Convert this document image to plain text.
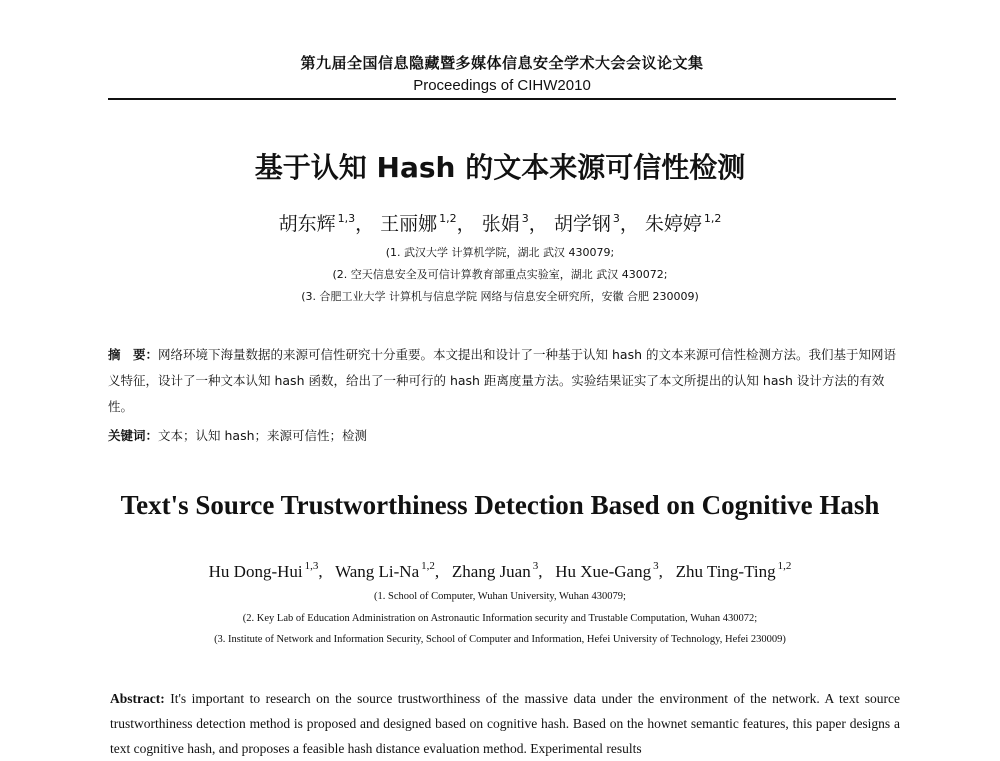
第九届全国信息隐藏暨多媒体信息安全学术大会会议论文集
Proceedings of CIHW2010
基于认知 Hash 的文本来源可信性检测
胡东辉 $^{1,3}$， 王丽娜 $^{1,2}$， 张娟 $^3$， 胡学钢 $^3$， 朱婷婷 $^{1,2}$
(1. 武汉大学 计算机学院，湖北 武汉 430079;
(2. 空天信息安全及可信计算教育部重点实验室，湖北 武汉 430072;
(3. 合肥工业大学 计算机与信息学院 网络与信息安全研究所，安徽 合肥 230009)
摘　要：网络环境下海量数据的来源可信性研究十分重要。本文提出和设计了一种基于认知 hash 的文本来源可信性检测方法。我们基于知网语义特征，设计了一种文本认知 hash 函数，给出了一种可行的 hash 距离度量方法。实验结果证实了本文所提出的认知 hash 设计方法的有效性。
关键词：文本；认知 hash；来源可信性；检测
Text's Source Trustworthiness Detection Based on Cognitive Hash
Hu Dong-Hui $^{1,3}$,   Wang Li-Na $^{1,2}$,   Zhang Juan $^3$,   Hu Xue-Gang $^3$,   Zhu Ting-Ting $^{1,2}$
(1. School of Computer, Wuhan University, Wuhan 430079;
(2. Key Lab of Education Administration on Astronautic Information security and Trustable Computation, Wuhan 430072;
(3. Institute of Network and Information Security, School of Computer and Information, Hefei University of Technology, Hefei 230009)
Abstract: It's important to research on the source trustworthiness of the massive data under the environment of the network. A text source trustworthiness detection method is proposed and designed based on cognitive hash. Based on the hownet semantic features, this paper designs a text cognitive hash, and proposes a feasible hash distance evaluation method. Experimental results
